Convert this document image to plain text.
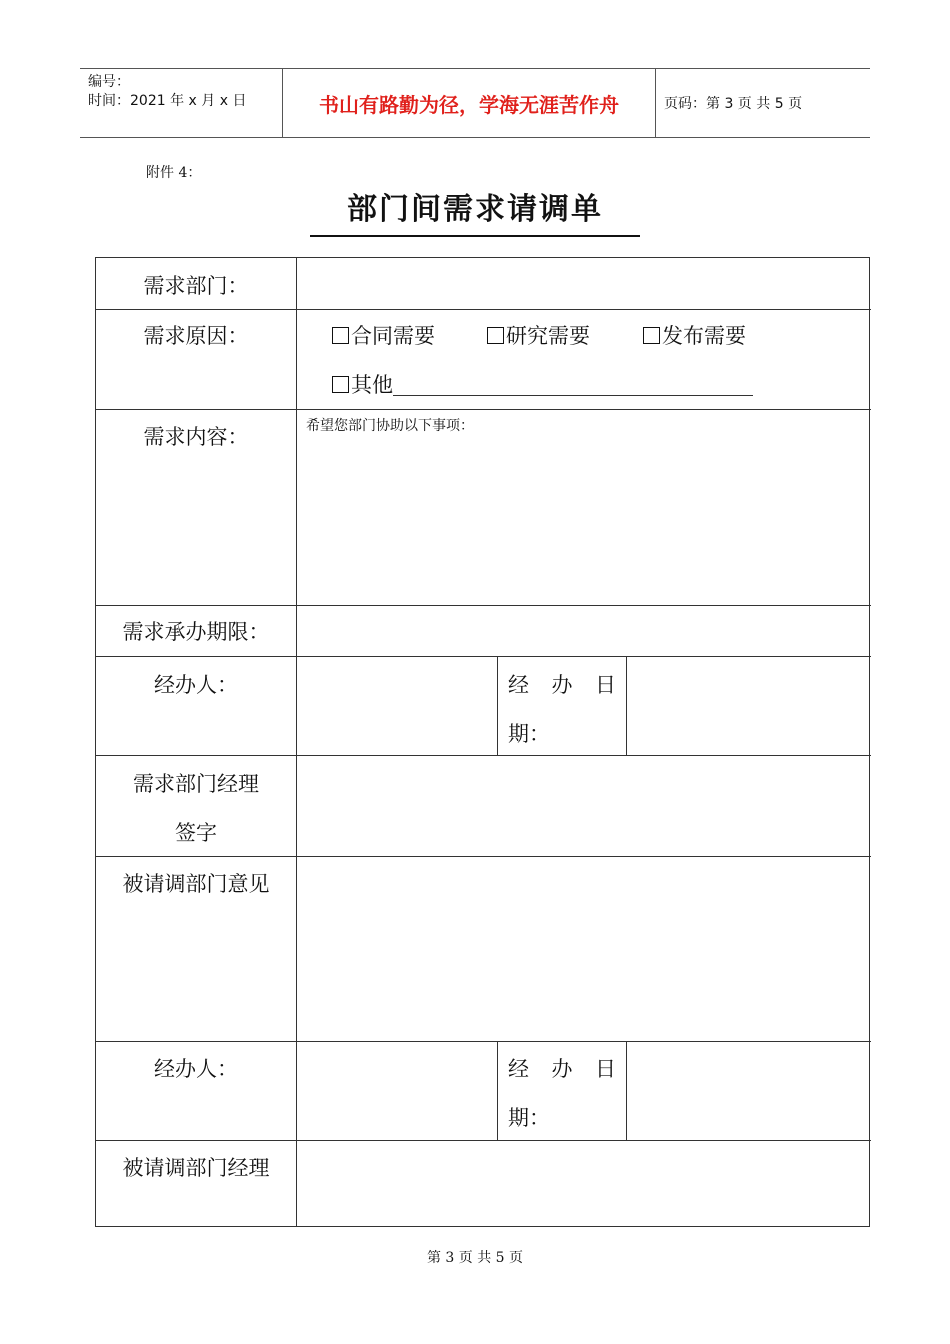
编号：
时间：2021 年 x 月 x 日	书山有路勤为径，学海无涯苦作舟	页码：第 3 页 共 5 页
附件 4：
部门间需求请调单
需求部门：
需求原因：	合同需要	研究需要	发布需要
其他
需求内容：	希望您部门协助以下事项：
需求承办期限：
经办人：	经 办 日
期：
需求部门经理
签字
被请调部门意见
经办人：	经 办 日
期：
被请调部门经理
第 3 页 共 5 页
